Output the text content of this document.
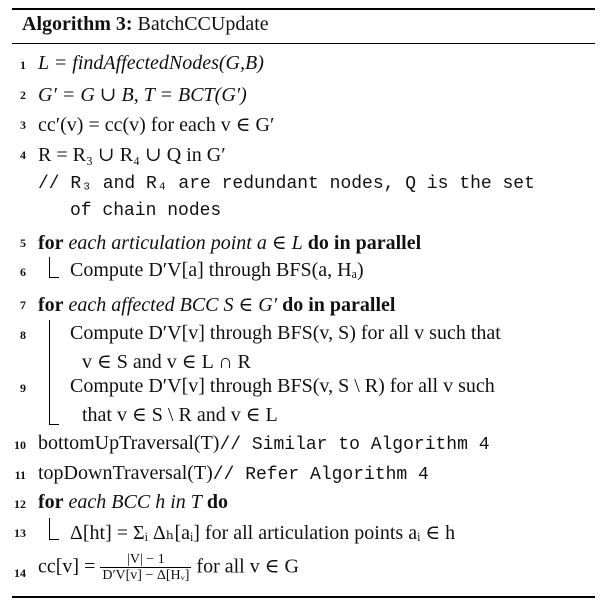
Algorithm 3: BatchCCUpdate
1
2
3
4
5
6
7
8
9
10
11
12
13
14
L = findAffectedNodes(G,B)
G′ = G ∪ B, T = BCT(G′)
cc′(v) = cc(v) for each v ∈ G′
R = R₃ ∪ R₄ ∪ Q in G′
// R₃ and R₄ are redundant nodes, Q is the set
of chain nodes
for each articulation point a ∈ L do in parallel
Compute D′V[a] through BFS(a, Hₐ)
for each affected BCC S ∈ G′ do in parallel
Compute D′V[v] through BFS(v, S) for all v such that
v ∈ S and v ∈ L ∩ R
Compute D′V[v] through BFS(v, S \ R) for all v such
that v ∈ S \ R and v ∈ L
bottomUpTraversal(T)// Similar to Algorithm 4
topDownTraversal(T)// Refer Algorithm 4
for each BCC h in T do
Δ[ht] = Σᵢ Δₕ[aᵢ] for all articulation points aᵢ ∈ h
$cc[v] = \frac{|V| - 1}{\text{D′V[v] − Δ[Hᵥ]}}$ for all v ∈ G
